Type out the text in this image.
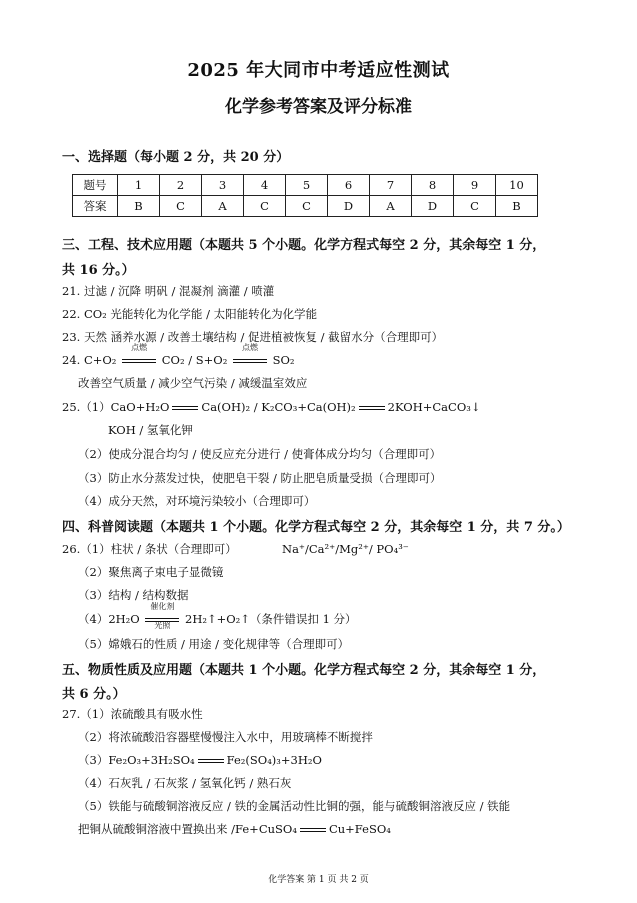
2025 年大同市中考适应性测试
化学参考答案及评分标准
一、选择题（每小题 2 分，共 20 分）
题号	1	2	3	4	5	6	7	8	9	10
答案	B	C	A	C	C	D	A	D	C	B
三、工程、技术应用题（本题共 5 个小题。化学方程式每空 2 分，其余每空 1 分，
共 16 分。）
21. 过滤 / 沉降 明矾 / 混凝剂 滴灌 / 喷灌
22. CO₂ 光能转化为化学能 / 太阳能转化为化学能
23. 天然 涵养水源 / 改善土壤结构 / 促进植被恢复 / 截留水分（合理即可）
24. C+O₂
点燃
CO₂ / S+O₂
点燃
SO₂
改善空气质量 / 减少空气污染 / 减缓温室效应
25.（1）CaO+H₂O	Ca(OH)₂ / K₂CO₃+Ca(OH)₂	2KOH+CaCO₃↓
KOH / 氢氧化钾
（2）使成分混合均匀 / 使反应充分进行 / 使膏体成分均匀（合理即可）
（3）防止水分蒸发过快，使肥皂干裂 / 防止肥皂质量受损（合理即可）
（4）成分天然，对环境污染较小（合理即可）
四、科普阅读题（本题共 1 个小题。化学方程式每空 2 分，其余每空 1 分，共 7 分。）
26.（1）柱状 / 条状（合理即可）	Na⁺/Ca²⁺/Mg²⁺/ PO₄³⁻
（2）聚焦离子束电子显微镜
（3）结构 / 结构数据
（4）2H₂O
催化剂
光照	2H₂↑+O₂↑（条件错误扣 1 分）
（5）嫦娥石的性质 / 用途 / 变化规律等（合理即可）
五、物质性质及应用题（本题共 1 个小题。化学方程式每空 2 分，其余每空 1 分，
共 6 分。）
27.（1）浓硫酸具有吸水性
（2）将浓硫酸沿容器壁慢慢注入水中，用玻璃棒不断搅拌
（3）Fe₂O₃+3H₂SO₄	Fe₂(SO₄)₃+3H₂O
（4）石灰乳 / 石灰浆 / 氢氧化钙 / 熟石灰
（5）铁能与硫酸铜溶液反应 / 铁的金属活动性比铜的强，能与硫酸铜溶液反应 / 铁能
把铜从硫酸铜溶液中置换出来 /Fe+CuSO₄	Cu+FeSO₄
化学答案 第 1 页 共 2 页
